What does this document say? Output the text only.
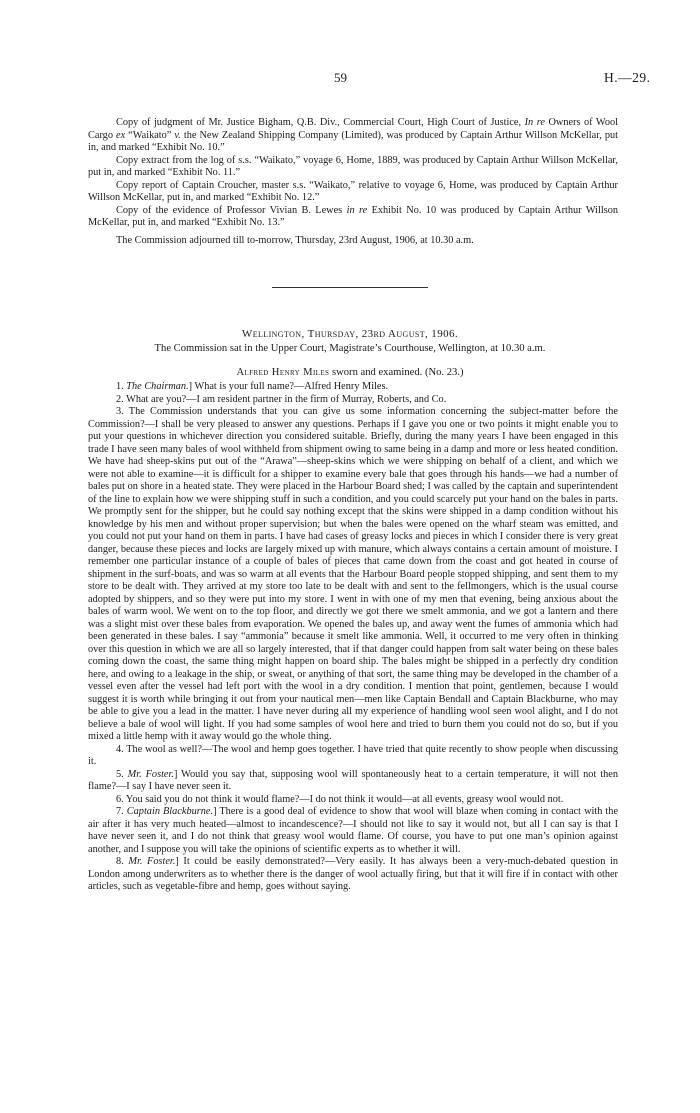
59	H.—29.

Copy of judgment of Mr. Justice Bigham, Q.B. Div., Commercial Court, High Court of Justice, In re Owners of Wool Cargo ex “Waikato” v. the New Zealand Shipping Company (Limited), was produced by Captain Arthur Willson McKellar, put in, and marked “Exhibit No. 10.”

Copy extract from the log of s.s. “Waikato,” voyage 6, Home, 1889, was produced by Captain Arthur Willson McKellar, put in, and marked “Exhibit No. 11.”

Copy report of Captain Croucher, master s.s. “Waikato,” relative to voyage 6, Home, was produced by Captain Arthur Willson McKellar, put in, and marked “Exhibit No. 12.”

Copy of the evidence of Professor Vivian B. Lewes in re Exhibit No. 10 was produced by Captain Arthur Willson McKellar, put in, and marked “Exhibit No. 13.”

The Commission adjourned till to-morrow, Thursday, 23rd August, 1906, at 10.30 a.m.

Wellington, Thursday, 23rd August, 1906.
The Commission sat in the Upper Court, Magistrate’s Courthouse, Wellington, at 10.30 a.m.
Alfred Henry Miles sworn and examined. (No. 23.)

1. The Chairman.] What is your full name?—Alfred Henry Miles.

2. What are you?—I am resident partner in the firm of Murray, Roberts, and Co.

3. The Commission understands that you can give us some information concerning the subject-matter before the Commission?—I shall be very pleased to answer any questions. Perhaps if I gave you one or two points it might enable you to put your questions in whichever direction you considered suitable. Briefly, during the many years I have been engaged in this trade I have seen many bales of wool withheld from shipment owing to same being in a damp and more or less heated condition. We have had sheep-skins put out of the “Arawa”—sheep-skins which we were shipping on behalf of a client, and which we were not able to examine—it is difficult for a shipper to examine every bale that goes through his hands—we had a number of bales put on shore in a heated state. They were placed in the Harbour Board shed; I was called by the captain and superintendent of the line to explain how we were shipping stuff in such a condition, and you could scarcely put your hand on the bales in parts. We promptly sent for the shipper, but he could say nothing except that the skins were shipped in a damp condition without his knowledge by his men and without proper supervision; but when the bales were opened on the wharf steam was emitted, and you could not put your hand on them in parts. I have had cases of greasy locks and pieces in which I consider there is very great danger, because these pieces and locks are largely mixed up with manure, which always contains a certain amount of moisture. I remember one particular instance of a couple of bales of pieces that came down from the coast and got heated in course of shipment in the surf-boats, and was so warm at all events that the Harbour Board people stopped shipping, and sent them to my store to be dealt with. They arrived at my store too late to be dealt with and sent to the fellmongers, which is the usual course adopted by shippers, and so they were put into my store. I went in with one of my men that evening, being anxious about the bales of warm wool. We went on to the top floor, and directly we got there we smelt ammonia, and we got a lantern and there was a slight mist over these bales from evaporation. We opened the bales up, and away went the fumes of ammonia which had been generated in these bales. I say “ammonia” because it smelt like ammonia. Well, it occurred to me very often in thinking over this question in which we are all so largely interested, that if that danger could happen from salt water being on these bales coming down the coast, the same thing might happen on board ship. The bales might be shipped in a perfectly dry condition here, and owing to a leakage in the ship, or sweat, or anything of that sort, the same thing may be developed in the chamber of a vessel even after the vessel had left port with the wool in a dry condition. I mention that point, gentlemen, because I would suggest it is worth while bringing it out from your nautical men—men like Captain Bendall and Captain Blackburne, who may be able to give you a lead in the matter. I have never during all my experience of handling wool seen wool alight, and I do not believe a bale of wool will light. If you had some samples of wool here and tried to burn them you could not do so, but if you mixed a little hemp with it away would go the whole thing.

4. The wool as well?—The wool and hemp goes together. I have tried that quite recently to show people when discussing it.

5. Mr. Foster.] Would you say that, supposing wool will spontaneously heat to a certain temperature, it will not then flame?—I say I have never seen it.

6. You said you do not think it would flame?—I do not think it would—at all events, greasy wool would not.

7. Captain Blackburne.] There is a good deal of evidence to show that wool will blaze when coming in contact with the air after it has very much heated—almost to incandescence?—I should not like to say it would not, but all I can say is that I have never seen it, and I do not think that greasy wool would flame. Of course, you have to put one man’s opinion against another, and I suppose you will take the opinions of scientific experts as to whether it will.

8. Mr. Foster.] It could be easily demonstrated?—Very easily. It has always been a very-much-debated question in London among underwriters as to whether there is the danger of wool actually firing, but that it will fire if in contact with other articles, such as vegetable-fibre and hemp, goes without saying.
